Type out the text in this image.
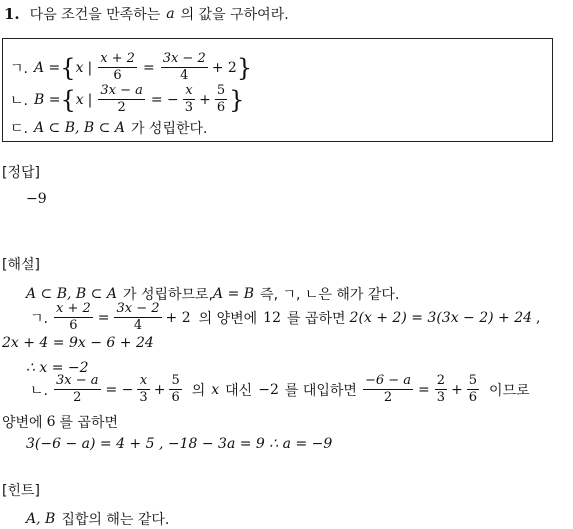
1. 다음 조건을 만족하는 a 의 값을 구하여라.
ㄱ. A = { x | $\frac{x + 2}{6} = \frac{3x - 2}{4} + 2$ }
ㄴ. B = { x | $\frac{3x - a}{2}$ = − $\frac{x}{3} + \frac{5}{6}$ }
ㄷ. A ⊂ B, B ⊂ A 가 성립한다.
[정답]
−9
[해설]
A ⊂ B, B ⊂ A 가 성립하므로, A = B 즉, ㄱ, ㄴ은 해가 같다.
ㄱ. $\frac{x + 2}{6} = \frac{3x - 2}{4} + 2$ 의 양변에 12 를 곱하면 2(x + 2) = 3(3x − 2) + 24 ,
2x + 4 = 9x − 6 + 24
∴ x = −2
ㄴ. $\frac{3x - a}{2}$ = − $\frac{x}{3} + \frac{5}{6}$ 의 x 대신 −2 를 대입하면 $\frac{-6 - a}{2} = \frac{2}{3} + \frac{5}{6}$ 이므로
양변에 6 를 곱하면
3(−6 − a) = 4 + 5 , −18 − 3a = 9 ∴ a = −9
[힌트]
A, B 집합의 해는 같다.
